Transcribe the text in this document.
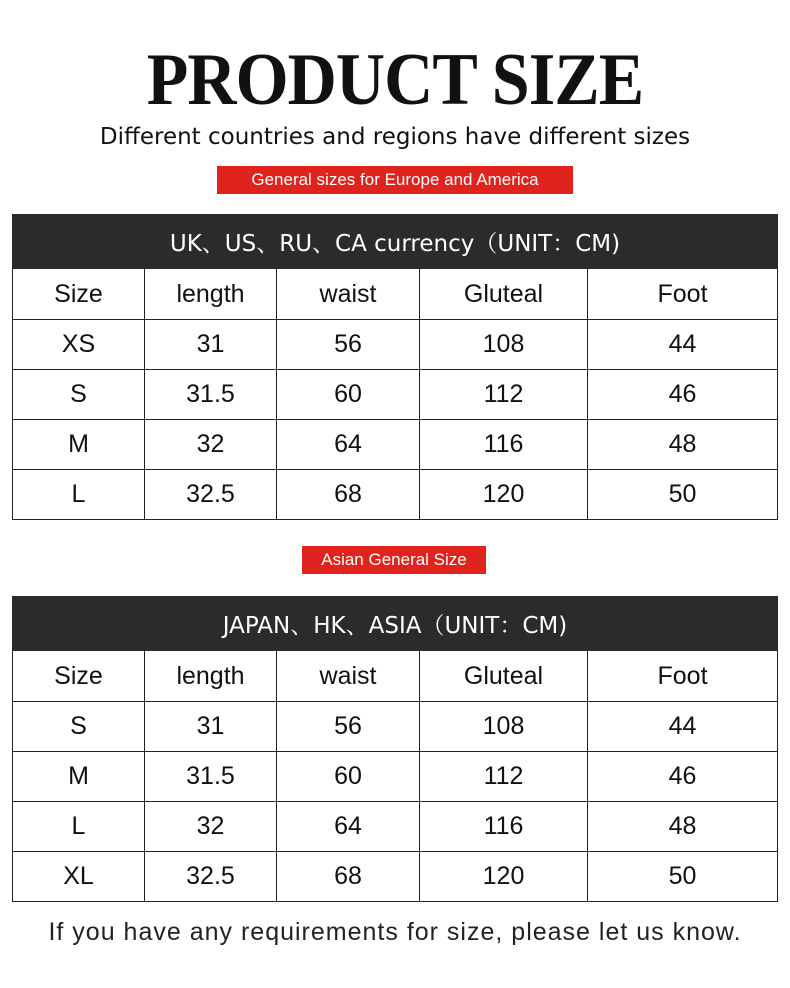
PRODUCT SIZE
Different countries and regions have different sizes
General sizes for Europe and America
UK、US、RU、CA currency（UNIT：CM)				
Size	length	waist	Gluteal	Foot
XS	31	56	108	44
S	31.5	60	112	46
M	32	64	116	48
L	32.5	68	120	50
Asian General Size
JAPAN、HK、ASIA（UNIT：CM)				
Size	length	waist	Gluteal	Foot
S	31	56	108	44
M	31.5	60	112	46
L	32	64	116	48
XL	32.5	68	120	50
If you have any requirements for size, please let us know.
